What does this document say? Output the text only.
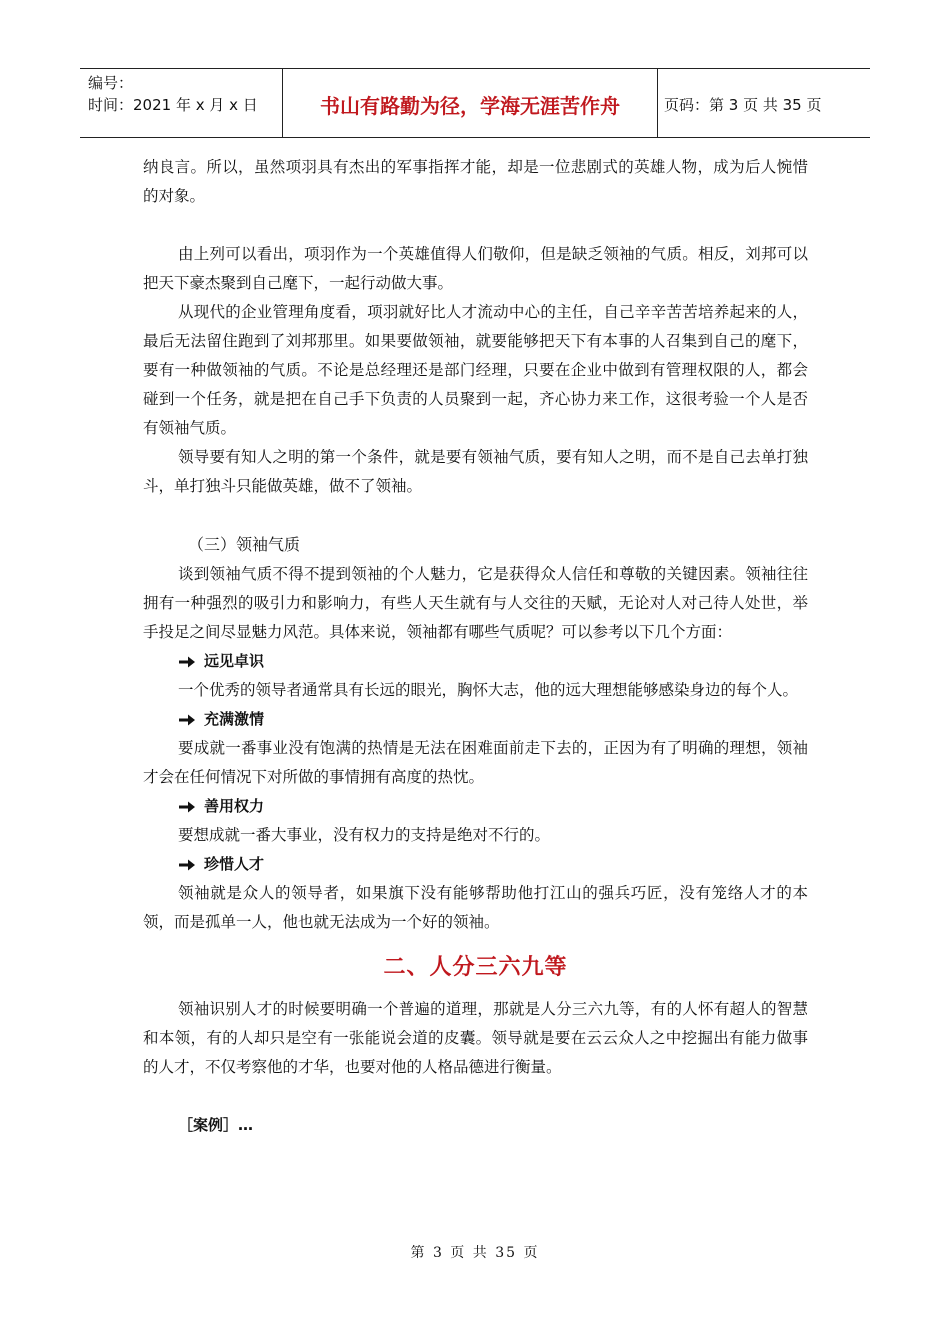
编号：
时间：2021 年 x 月 x 日	书山有路勤为径，学海无涯苦作舟	页码：第 3 页 共 35 页

纳良言。所以，虽然项羽具有杰出的军事指挥才能，却是一位悲剧式的英雄人物，成为后人惋惜的对象。

由上列可以看出，项羽作为一个英雄值得人们敬仰，但是缺乏领袖的气质。相反，刘邦可以把天下豪杰聚到自己麾下，一起行动做大事。

从现代的企业管理角度看，项羽就好比人才流动中心的主任，自己辛辛苦苦培养起来的人，最后无法留住跑到了刘邦那里。如果要做领袖，就要能够把天下有本事的人召集到自己的麾下，要有一种做领袖的气质。不论是总经理还是部门经理，只要在企业中做到有管理权限的人，都会碰到一个任务，就是把在自己手下负责的人员聚到一起，齐心协力来工作，这很考验一个人是否有领袖气质。

领导要有知人之明的第一个条件，就是要有领袖气质，要有知人之明，而不是自己去单打独斗，单打独斗只能做英雄，做不了领袖。

（三）领袖气质

谈到领袖气质不得不提到领袖的个人魅力，它是获得众人信任和尊敬的关键因素。领袖往往拥有一种强烈的吸引力和影响力，有些人天生就有与人交往的天赋，无论对人对己待人处世，举手投足之间尽显魅力风范。具体来说，领袖都有哪些气质呢？可以参考以下几个方面：

远见卓识

一个优秀的领导者通常具有长远的眼光，胸怀大志，他的远大理想能够感染身边的每个人。

充满激情

要成就一番事业没有饱满的热情是无法在困难面前走下去的，正因为有了明确的理想，领袖才会在任何情况下对所做的事情拥有高度的热忱。

善用权力

要想成就一番大事业，没有权力的支持是绝对不行的。

珍惜人才

领袖就是众人的领导者，如果旗下没有能够帮助他打江山的强兵巧匠，没有笼络人才的本领，而是孤单一人，他也就无法成为一个好的领袖。

二、人分三六九等

领袖识别人才的时候要明确一个普遍的道理，那就是人分三六九等，有的人怀有超人的智慧和本领，有的人却只是空有一张能说会道的皮囊。领导就是要在云云众人之中挖掘出有能力做事的人才，不仅考察他的才华，也要对他的人格品德进行衡量。

［案例］…

第 3 页 共 35 页
